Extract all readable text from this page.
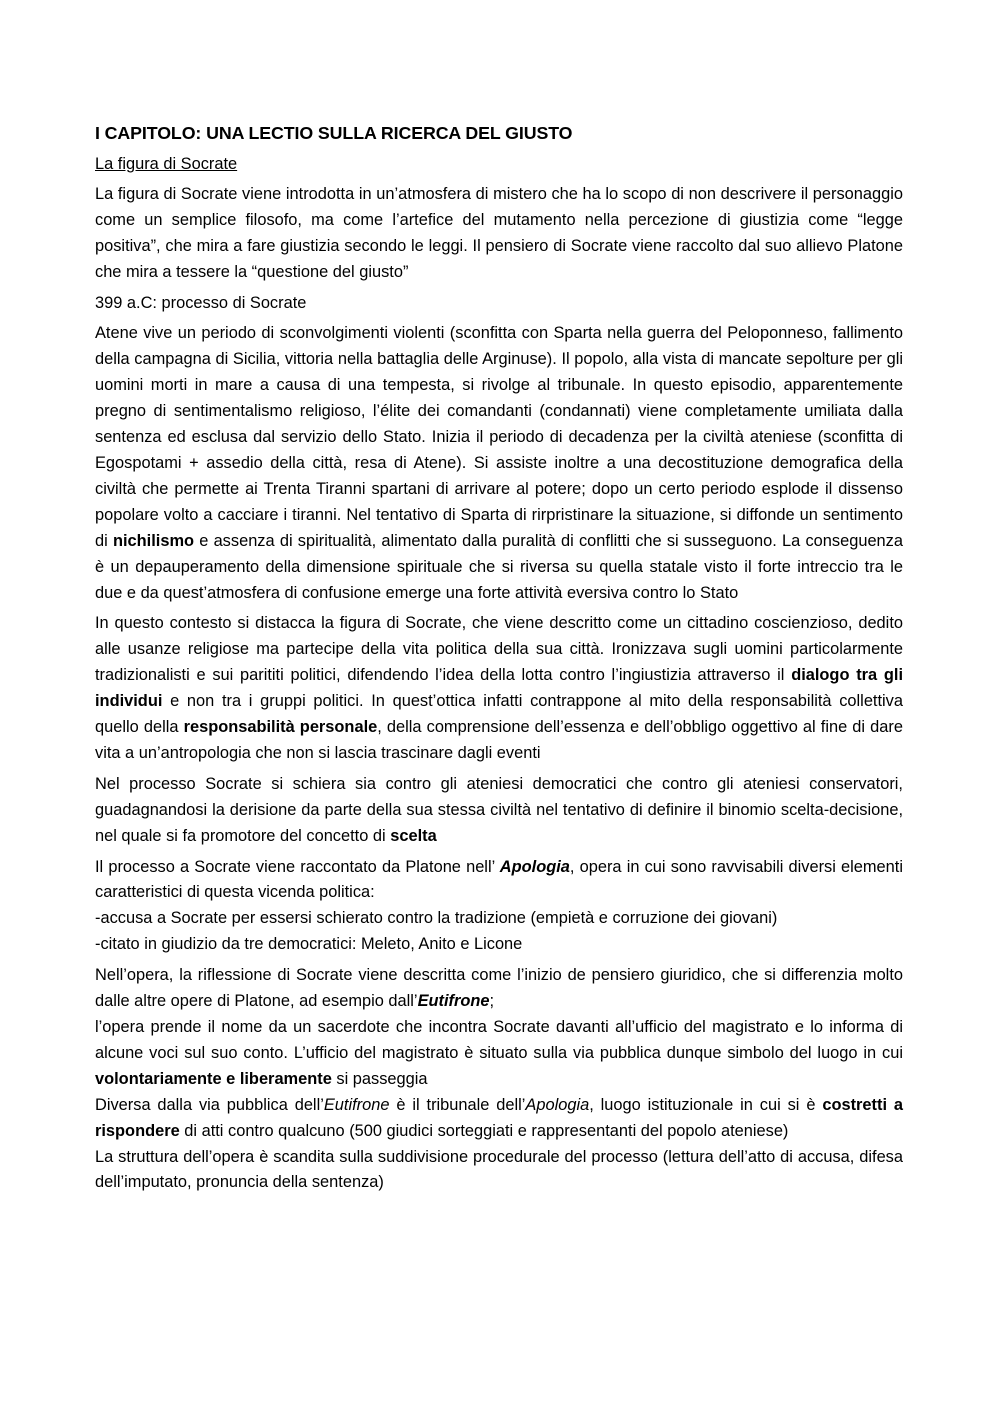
I CAPITOLO: UNA LECTIO SULLA RICERCA DEL GIUSTO
La figura di Socrate
La figura di Socrate viene introdotta in un’atmosfera di mistero che ha lo scopo di non descrivere il personaggio come un semplice filosofo, ma come l’artefice del mutamento nella percezione di giustizia come “legge positiva”, che mira a fare giustizia secondo le leggi. Il pensiero di Socrate viene raccolto dal suo allievo Platone che mira a tessere la “questione del giusto”
399 a.C: processo di Socrate
Atene vive un periodo di sconvolgimenti violenti (sconfitta con Sparta nella guerra del Peloponneso, fallimento della campagna di Sicilia, vittoria nella battaglia delle Arginuse). Il popolo, alla vista di mancate sepolture per gli uomini morti in mare a causa di una tempesta, si rivolge al tribunale. In questo episodio, apparentemente pregno di sentimentalismo religioso, l’élite dei comandanti (condannati) viene completamente umiliata dalla sentenza ed esclusa dal servizio dello Stato. Inizia il periodo di decadenza per la civiltà ateniese (sconfitta di Egospotami + assedio della città, resa di Atene). Si assiste inoltre a una decostituzione demografica della civiltà che permette ai Trenta Tiranni spartani di arrivare al potere; dopo un certo periodo esplode il dissenso popolare volto a cacciare i tiranni. Nel tentativo di Sparta di rirpristinare la situazione, si diffonde un sentimento di nichilismo e assenza di spiritualità, alimentato dalla puralità di conflitti che si susseguono. La conseguenza è un depauperamento della dimensione spirituale che si riversa su quella statale visto il forte intreccio tra le due e da quest’atmosfera di confusione emerge una forte attività eversiva contro lo Stato
In questo contesto si distacca la figura di Socrate, che viene descritto come un cittadino coscienzioso, dedito alle usanze religiose ma partecipe della vita politica della sua città. Ironizzava sugli uomini particolarmente tradizionalisti e sui parititi politici, difendendo l’idea della lotta contro l’ingiustizia attraverso il dialogo tra gli individui e non tra i gruppi politici. In quest’ottica infatti contrappone al mito della responsabilità collettiva quello della responsabilità personale, della comprensione dell’essenza e dell’obbligo oggettivo al fine di dare vita a un’antropologia che non si lascia trascinare dagli eventi
Nel processo Socrate si schiera sia contro gli ateniesi democratici che contro gli ateniesi conservatori, guadagnandosi la derisione da parte della sua stessa civiltà nel tentativo di definire il binomio scelta-decisione, nel quale si fa promotore del concetto di scelta
Il processo a Socrate viene raccontato da Platone nell’ Apologia, opera in cui sono ravvisabili diversi elementi caratteristici di questa vicenda politica:
-accusa a Socrate per essersi schierato contro la tradizione (empietà e corruzione dei giovani)
-citato in giudizio da tre democratici: Meleto, Anito e Licone
Nell’opera, la riflessione di Socrate viene descritta come l’inizio de pensiero giuridico, che si differenzia molto dalle altre opere di Platone, ad esempio dall’Eutifrone;
l’opera prende il nome da un sacerdote che incontra Socrate davanti all’ufficio del magistrato e lo informa di alcune voci sul suo conto. L’ufficio del magistrato è situato sulla via pubblica dunque simbolo del luogo in cui volontariamente e liberamente si passeggia
Diversa dalla via pubblica dell’Eutifrone è il tribunale dell’Apologia, luogo istituzionale in cui si è costretti a rispondere di atti contro qualcuno (500 giudici sorteggiati e rappresentanti del popolo ateniese)
La struttura dell’opera è scandita sulla suddivisione procedurale del processo (lettura dell’atto di accusa, difesa dell’imputato, pronuncia della sentenza)
